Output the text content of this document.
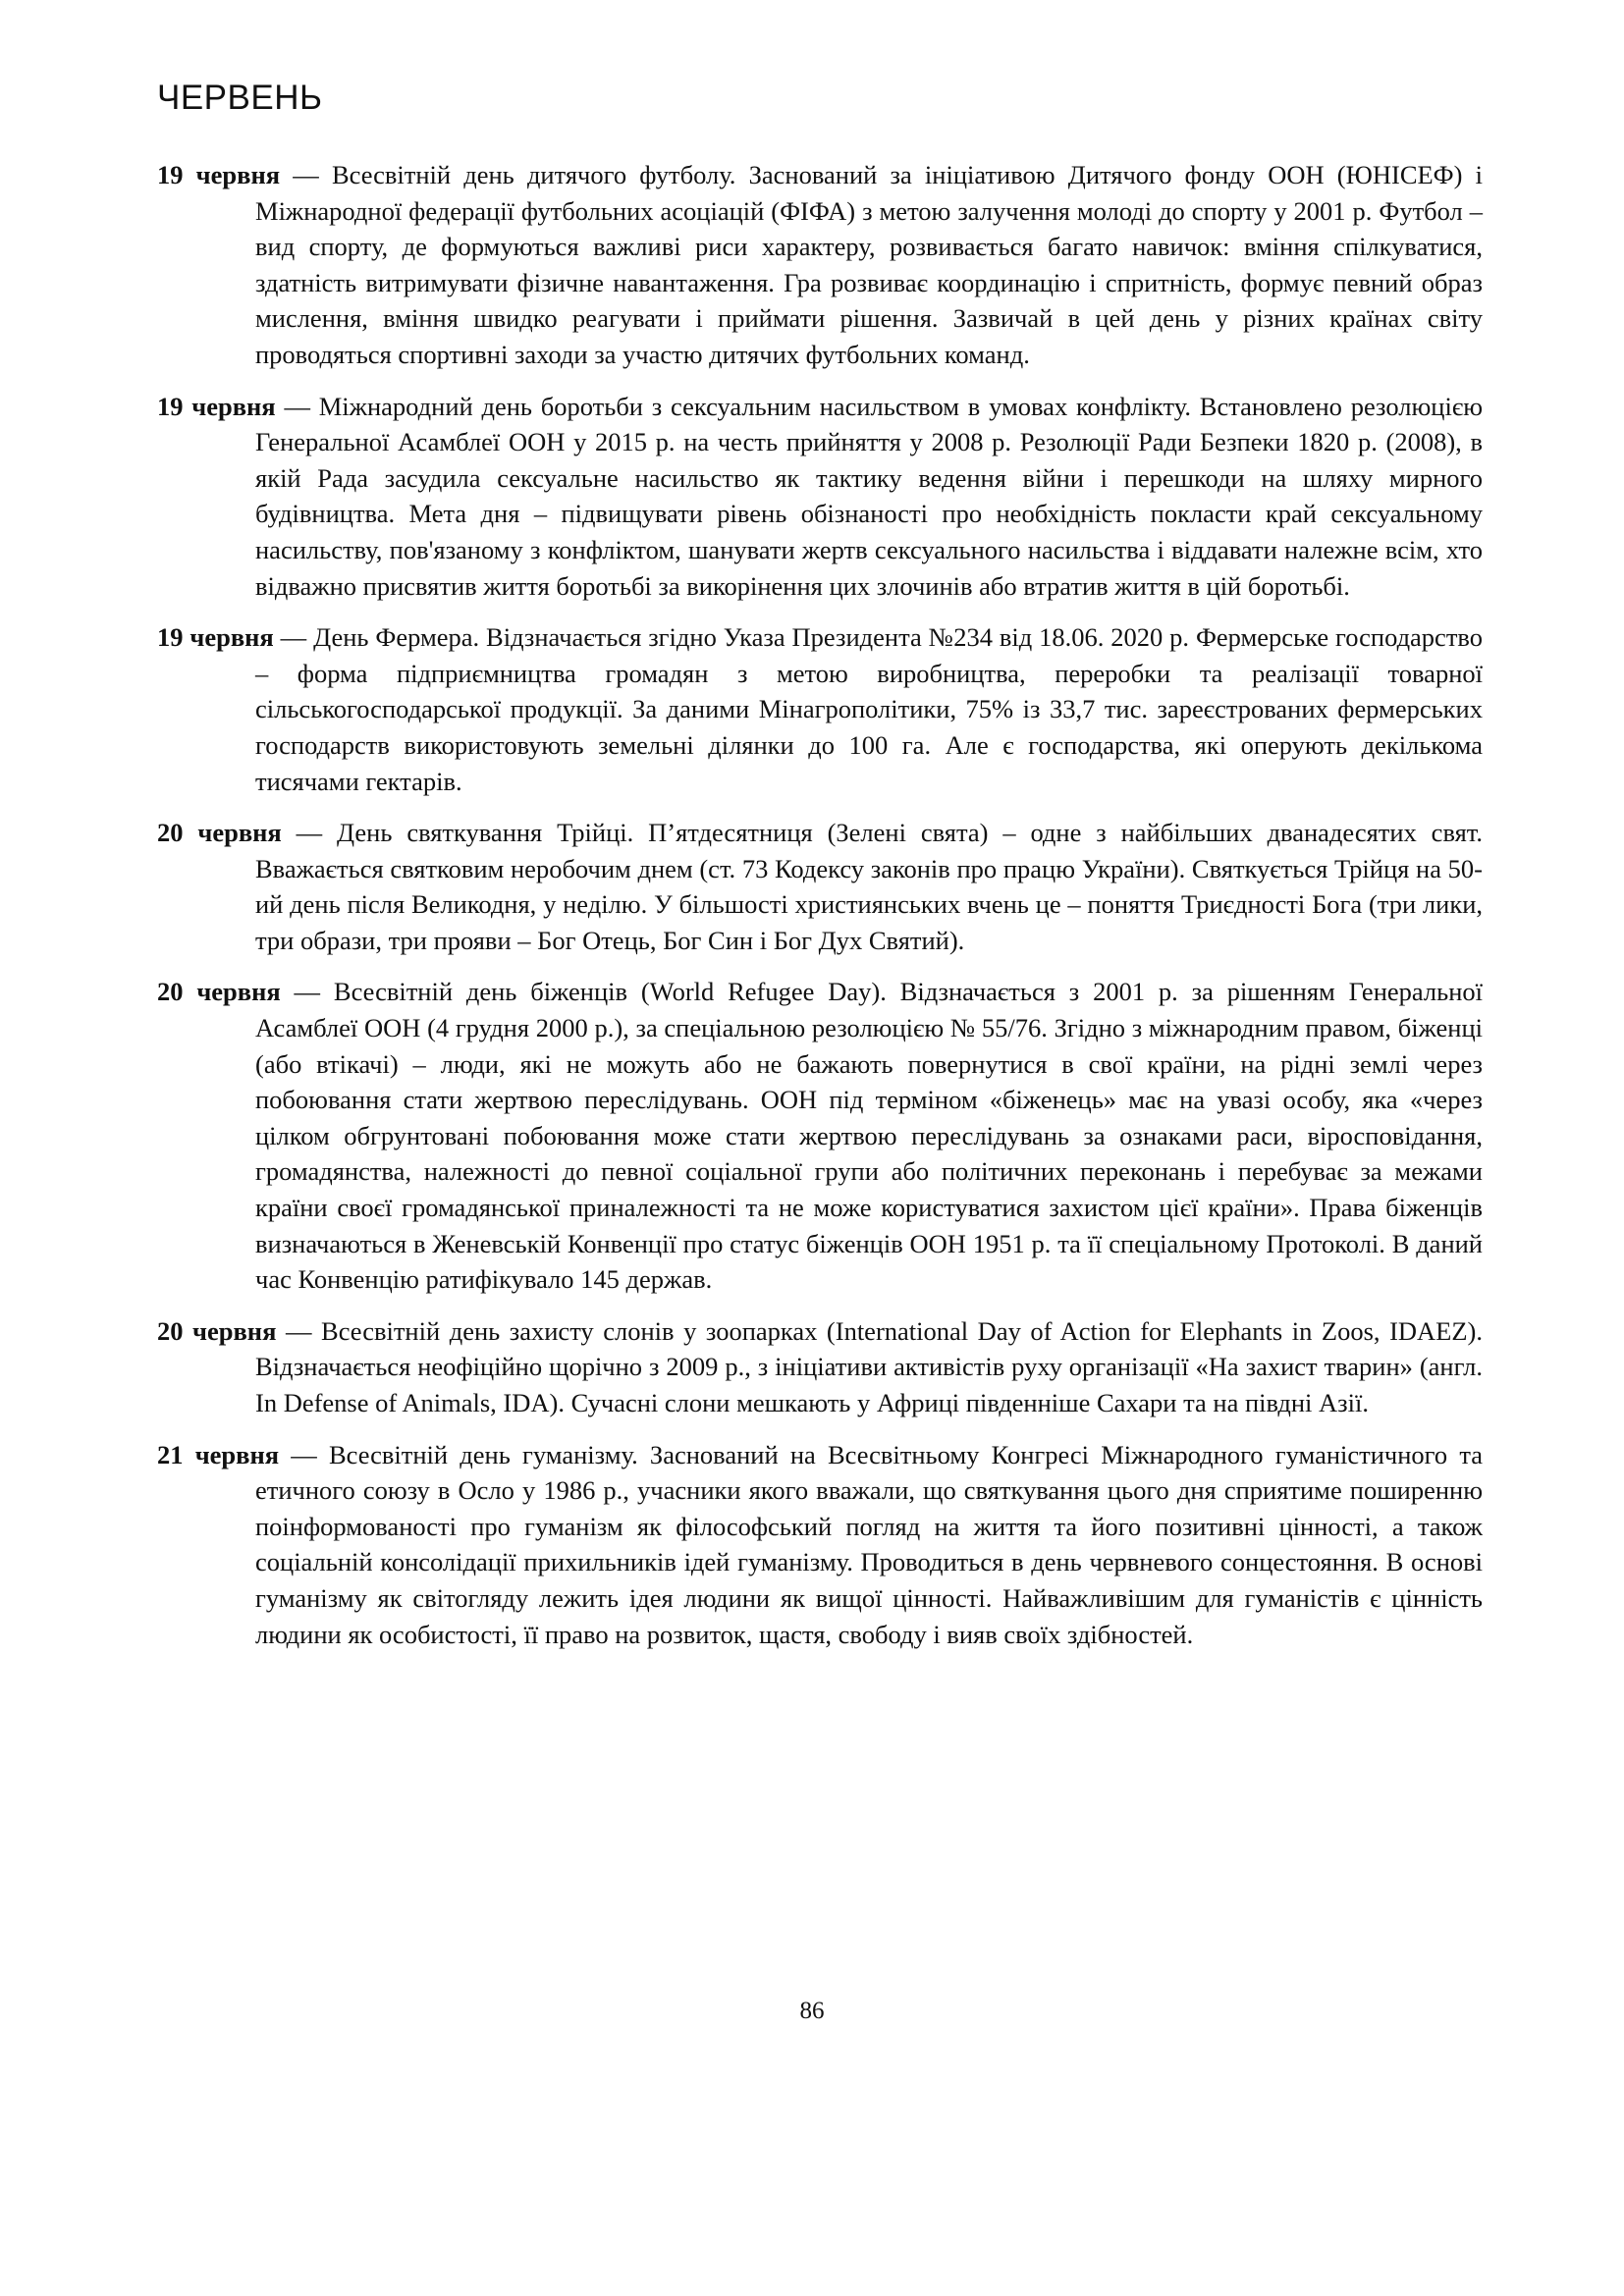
ЧЕРВЕНЬ

19 червня — Всесвітній день дитячого футболу. Заснований за ініціативою Дитячого фонду ООН (ЮНІСЕФ) і Міжнародної федерації футбольних асоціацій (ФІФА) з метою залучення молоді до спорту у 2001 р. Футбол – вид спорту, де формуються важливі риси характеру, розвивається багато навичок: вміння спілкуватися, здатність витримувати фізичне навантаження. Гра розвиває координацію і спритність, формує певний образ мислення, вміння швидко реагувати і приймати рішення. Зазвичай в цей день у різних країнах світу проводяться спортивні заходи за участю дитячих футбольних команд.

19 червня — Міжнародний день боротьби з сексуальним насильством в умовах конфлікту. Встановлено резолюцією Генеральної Асамблеї ООН у 2015 р. на честь прийняття у 2008 р. Резолюції Ради Безпеки 1820 р. (2008), в якій Рада засудила сексуальне насильство як тактику ведення війни і перешкоди на шляху мирного будівництва. Мета дня – підвищувати рівень обізнаності про необхідність покласти край сексуальному насильству, пов'язаному з конфліктом, шанувати жертв сексуального насильства і віддавати належне всім, хто відважно присвятив життя боротьбі за викорінення цих злочинів або втратив життя в цій боротьбі.

19 червня — День Фермера. Відзначається згідно Указа Президента №234 від 18.06. 2020 р. Фермерське господарство – форма підприємництва громадян з метою виробництва, переробки та реалізації товарної сільськогосподарської продукції. За даними Мінагрополітики, 75% із 33,7 тис. зареєстрованих фермерських господарств використовують земельні ділянки до 100 га. Але є господарства, які оперують декількома тисячами гектарів.

20 червня — День святкування Трійці. П’ятдесятниця (Зелені свята) – одне з найбільших дванадесятих свят. Вважається святковим неробочим днем (ст. 73 Кодексу законів про працю України). Святкується Трійця на 50-ий день після Великодня, у неділю. У більшості християнських вчень це – поняття Триєдності Бога (три лики, три образи, три прояви – Бог Отець, Бог Син і Бог Дух Святий).

20 червня — Всесвітній день біженців (World Refugee Day). Відзначається з 2001 р. за рішенням Генеральної Асамблеї ООН (4 грудня 2000 р.), за спеціальною резолюцією № 55/76. Згідно з міжнародним правом, біженці (або втікачі) – люди, які не можуть або не бажають повернутися в свої країни, на рідні землі через побоювання стати жертвою переслідувань. ООН під терміном «біженець» має на увазі особу, яка «через цілком обгрунтовані побоювання може стати жертвою переслідувань за ознаками раси, віросповідання, громадянства, належності до певної соціальної групи або політичних переконань і перебуває за межами країни своєї громадянської приналежності та не може користуватися захистом цієї країни». Права біженців визначаються в Женевській Конвенції про статус біженців ООН 1951 р. та її спеціальному Протоколі. В даний час Конвенцію ратифікувало 145 держав.

20 червня — Всесвітній день захисту слонів у зоопарках (International Day of Action for Elephants in Zoos, IDAEZ). Відзначається неофіційно щорічно з 2009 р., з ініціативи активістів руху організації «На захист тварин» (англ. In Defense of Animals, IDA). Сучасні слони мешкають у Африці південніше Сахари та на півдні Азії.

21 червня — Всесвітній день гуманізму. Заснований на Всесвітньому Конгресі Міжнародного гуманістичного та етичного союзу в Осло у 1986 р., учасники якого вважали, що святкування цього дня сприятиме поширенню поінформованості про гуманізм як філософський погляд на життя та його позитивні цінності, а також соціальній консолідації прихильників ідей гуманізму. Проводиться в день червневого сонцестояння. В основі гуманізму як світогляду лежить ідея людини як вищої цінності. Найважливішим для гуманістів є цінність людини як особистості, її право на розвиток, щастя, свободу і вияв своїх здібностей.

86
